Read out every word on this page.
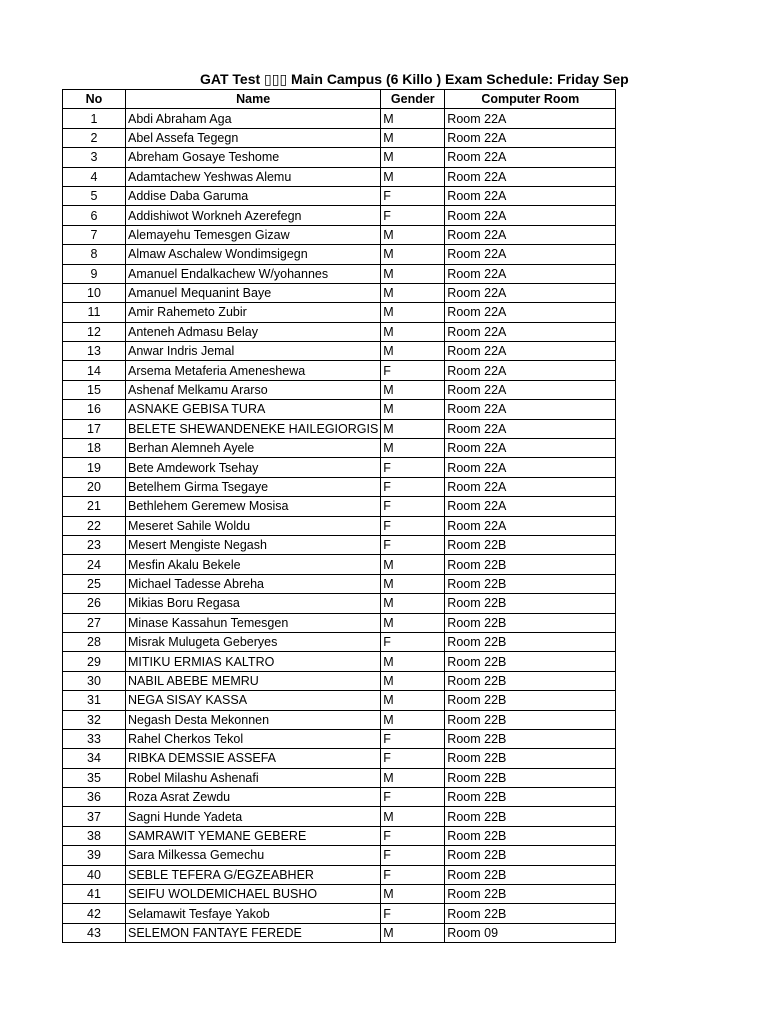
GAT Test ▯▯▯ Main Campus (6 Killo ) Exam Schedule: Friday Sep
No	Name	Gender	Computer Room
1	Abdi Abraham Aga	M	Room 22A
2	Abel Assefa Tegegn	M	Room 22A
3	Abreham Gosaye Teshome	M	Room 22A
4	Adamtachew Yeshwas Alemu	M	Room 22A
5	Addise Daba Garuma	F	Room 22A
6	Addishiwot Workneh Azerefegn	F	Room 22A
7	Alemayehu Temesgen Gizaw	M	Room 22A
8	Almaw Aschalew Wondimsigegn	M	Room 22A
9	Amanuel Endalkachew W/yohannes	M	Room 22A
10	Amanuel Mequanint Baye	M	Room 22A
11	Amir Rahemeto Zubir	M	Room 22A
12	Anteneh Admasu Belay	M	Room 22A
13	Anwar Indris Jemal	M	Room 22A
14	Arsema Metaferia Ameneshewa	F	Room 22A
15	Ashenaf Melkamu Ararso	M	Room 22A
16	ASNAKE GEBISA TURA	M	Room 22A
17	BELETE SHEWANDENEKE HAILEGIORGIS	M	Room 22A
18	Berhan Alemneh Ayele	M	Room 22A
19	Bete Amdework Tsehay	F	Room 22A
20	Betelhem Girma Tsegaye	F	Room 22A
21	Bethlehem Geremew Mosisa	F	Room 22A
22	Meseret Sahile Woldu	F	Room 22A
23	Mesert Mengiste Negash	F	Room 22B
24	Mesfin Akalu Bekele	M	Room 22B
25	Michael Tadesse Abreha	M	Room 22B
26	Mikias Boru Regasa	M	Room 22B
27	Minase Kassahun Temesgen	M	Room 22B
28	Misrak Mulugeta Geberyes	F	Room 22B
29	MITIKU ERMIAS KALTRO	M	Room 22B
30	NABIL ABEBE MEMRU	M	Room 22B
31	NEGA SISAY KASSA	M	Room 22B
32	Negash Desta Mekonnen	M	Room 22B
33	Rahel Cherkos Tekol	F	Room 22B
34	RIBKA DEMSSIE ASSEFA	F	Room 22B
35	Robel Milashu Ashenafi	M	Room 22B
36	Roza Asrat Zewdu	F	Room 22B
37	Sagni Hunde Yadeta	M	Room 22B
38	SAMRAWIT YEMANE GEBERE	F	Room 22B
39	Sara Milkessa Gemechu	F	Room 22B
40	SEBLE TEFERA G/EGZEABHER	F	Room 22B
41	SEIFU WOLDEMICHAEL BUSHO	M	Room 22B
42	Selamawit Tesfaye Yakob	F	Room 22B
43	SELEMON FANTAYE FEREDE	M	Room 09
